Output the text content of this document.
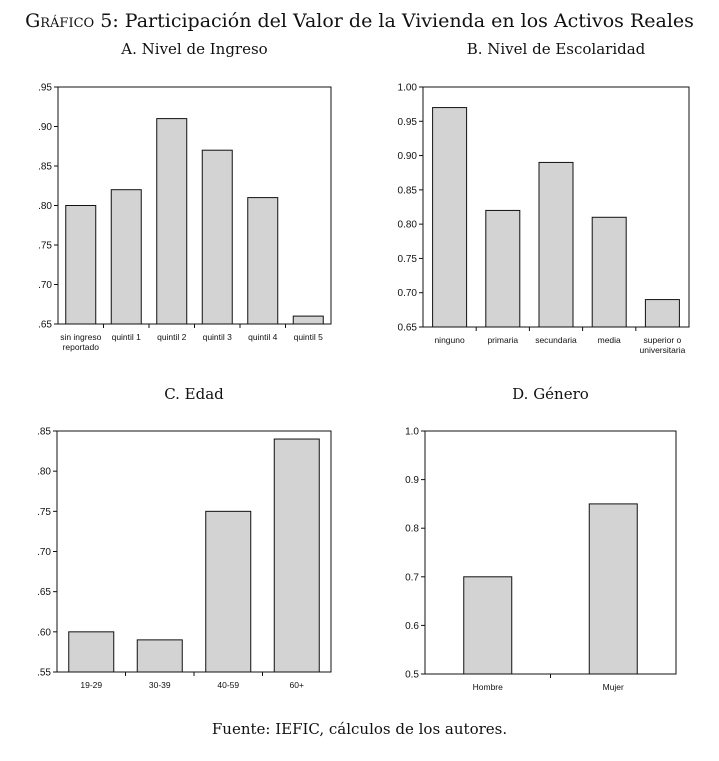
Gráfico 5: Participación del Valor de la Vivienda en los Activos Reales
A. Nivel de Ingreso
.65
.70
.75
.80
.85
.90
.95
sin ingreso reportado
quintil 1 quintil 2 quintil 3 quintil 4 quintil 5
B. Nivel de Escolaridad
0.65
0.70
0.75
0.80
0.85
0.90
0.95
1.00
ninguno	primaria secundaria media	superior o universitaria
C. Edad
.55
.60
.65
.70
.75
.80
.85
19-29	30-39	40-59	60+
D. Género
0.5
0.6
0.7
0.8
0.9
1.0
Hombre	Mujer
Fuente: IEFIC, cálculos de los autores.
